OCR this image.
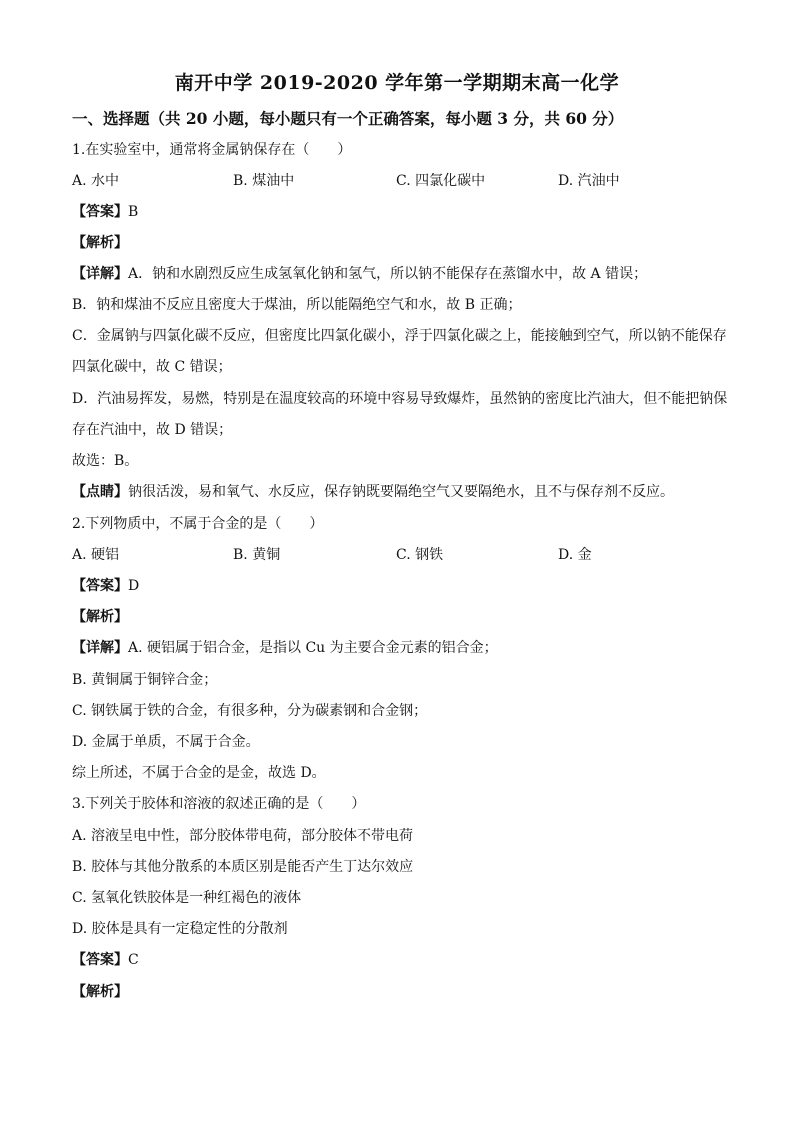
南开中学 2019-2020 学年第一学期期末高一化学
一、选择题（共 20 小题，每小题只有一个正确答案，每小题 3 分，共 60 分）
1.在实验室中，通常将金属钠保存在（　　）
A. 水中	B. 煤油中	C. 四氯化碳中	D. 汽油中
【答案】B
【解析】
【详解】A．钠和水剧烈反应生成氢氧化钠和氢气，所以钠不能保存在蒸馏水中，故 A 错误；
B．钠和煤油不反应且密度大于煤油，所以能隔绝空气和水，故 B 正确；
C．金属钠与四氯化碳不反应，但密度比四氯化碳小，浮于四氯化碳之上，能接触到空气，所以钠不能保存
四氯化碳中，故 C 错误；
D．汽油易挥发，易燃，特别是在温度较高的环境中容易导致爆炸，虽然钠的密度比汽油大，但不能把钠保
存在汽油中，故 D 错误；
故选：B。
【点睛】钠很活泼，易和氧气、水反应，保存钠既要隔绝空气又要隔绝水，且不与保存剂不反应。
2.下列物质中，不属于合金的是（　　）
A. 硬铝	B. 黄铜	C. 钢铁	D. 金
【答案】D
【解析】
【详解】A. 硬铝属于铝合金，是指以 Cu 为主要合金元素的铝合金；
B. 黄铜属于铜锌合金；
C. 钢铁属于铁的合金，有很多种，分为碳素钢和合金钢；
D. 金属于单质，不属于合金。
综上所述，不属于合金的是金，故选 D。
3.下列关于胶体和溶液的叙述正确的是（　　）
A. 溶液呈电中性，部分胶体带电荷，部分胶体不带电荷
B. 胶体与其他分散系的本质区别是能否产生丁达尔效应
C. 氢氧化铁胶体是一种红褐色的液体
D. 胶体是具有一定稳定性的分散剂
【答案】C
【解析】
